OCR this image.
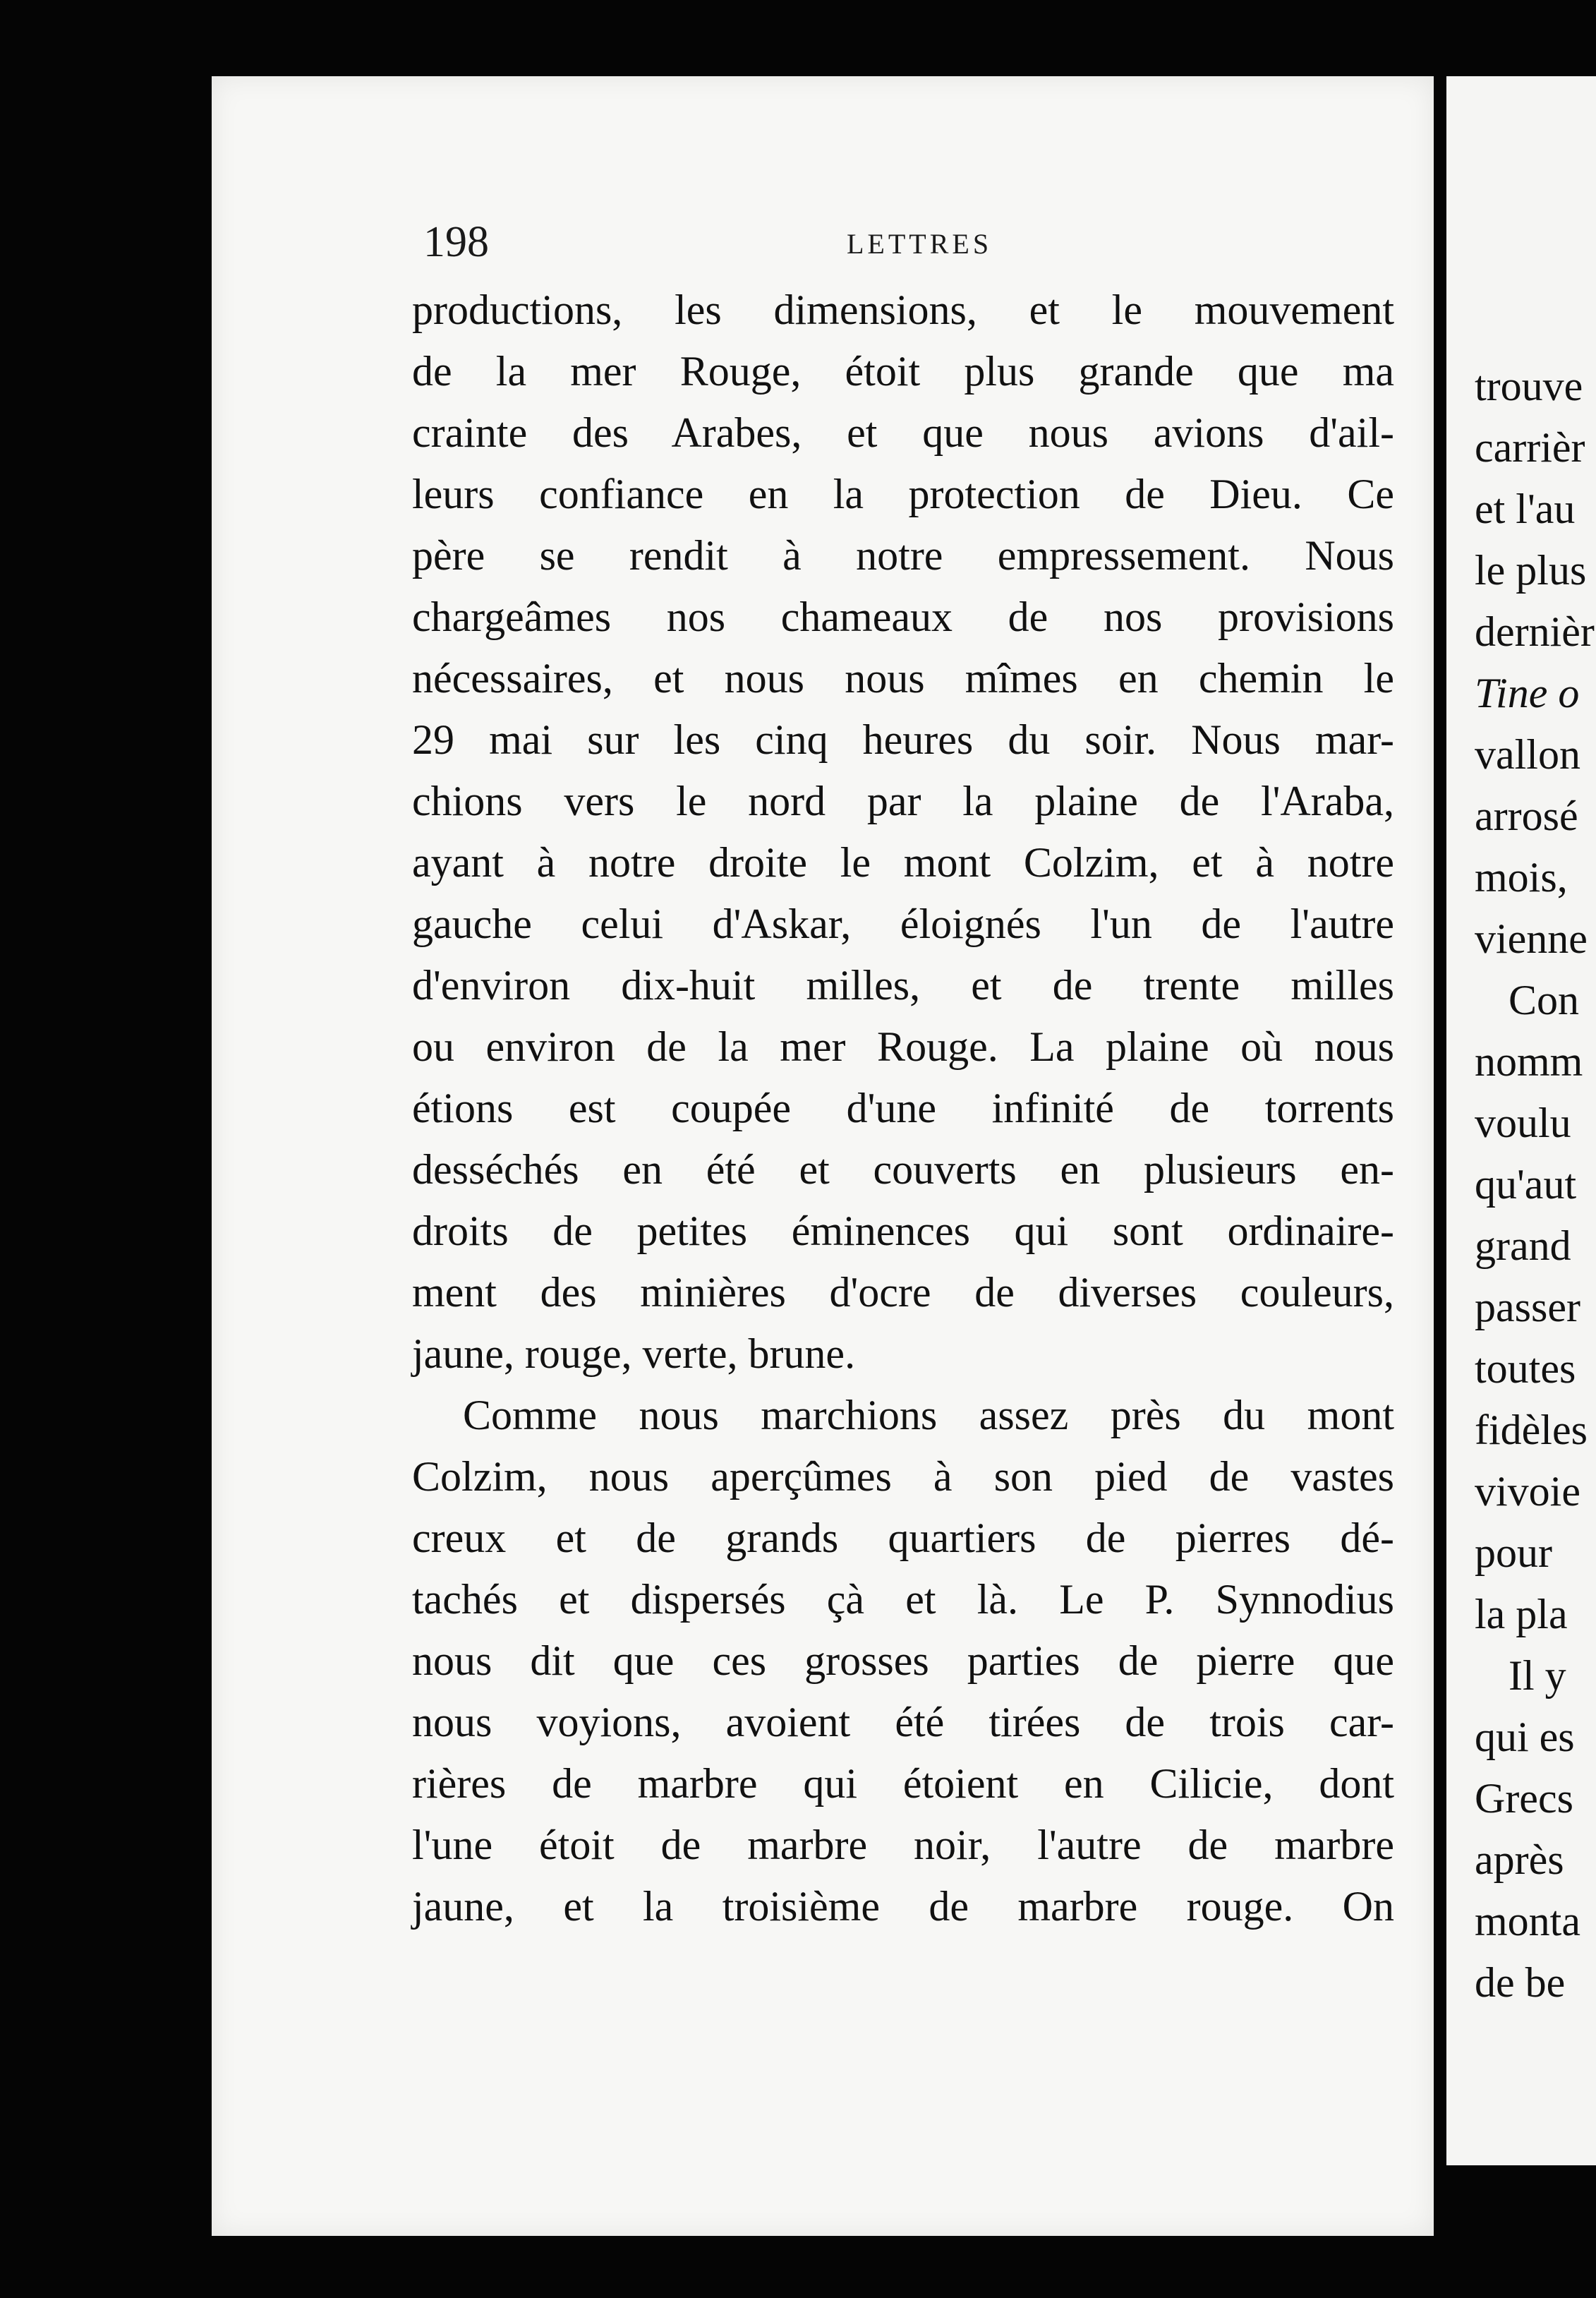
trouve
carrièr
et l'au
le plus
dernièr
Tine o
vallon
arrosé
mois,
vienne
Con
nomm
voulu
qu'aut
grand
passer
toutes
fidèles
vivoie
pour
la pla
Il y
qui es
Grecs
après
monta
de be
198	LETTRES
productions, les dimensions, et le mouvement
de la mer Rouge, étoit plus grande que ma
crainte des Arabes, et que nous avions d'ail-
leurs confiance en la protection de Dieu. Ce
père se rendit à notre empressement. Nous
chargeâmes nos chameaux de nos provisions
nécessaires, et nous nous mîmes en chemin le
29 mai sur les cinq heures du soir. Nous mar-
chions vers le nord par la plaine de l'Araba,
ayant à notre droite le mont Colzim, et à notre
gauche celui d'Askar, éloignés l'un de l'autre
d'environ dix-huit milles, et de trente milles
ou environ de la mer Rouge. La plaine où nous
étions est coupée d'une infinité de torrents
desséchés en été et couverts en plusieurs en-
droits de petites éminences qui sont ordinaire-
ment des minières d'ocre de diverses couleurs,
jaune, rouge, verte, brune.
Comme nous marchions assez près du mont
Colzim, nous aperçûmes à son pied de vastes
creux et de grands quartiers de pierres dé-
tachés et dispersés çà et là. Le P. Synnodius
nous dit que ces grosses parties de pierre que
nous voyions, avoient été tirées de trois car-
rières de marbre qui étoient en Cilicie, dont
l'une étoit de marbre noir, l'autre de marbre
jaune, et la troisième de marbre rouge. On
